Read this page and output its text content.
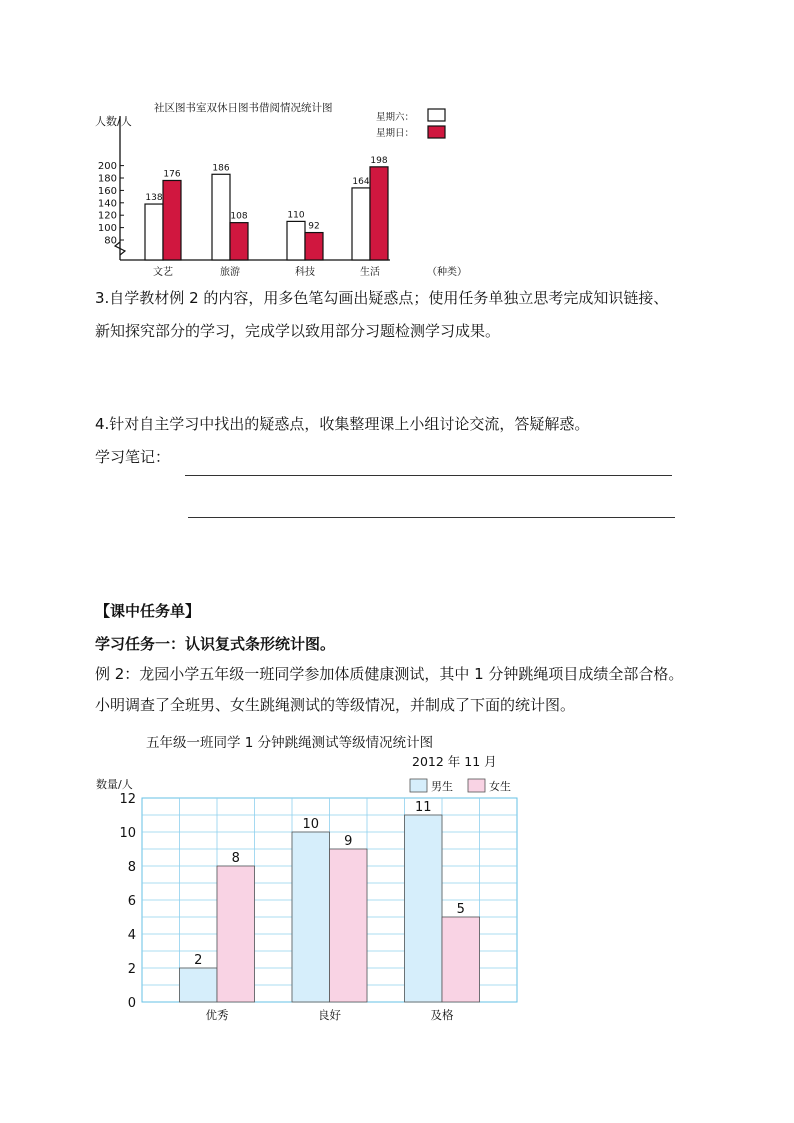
社区图书室双休日图书借阅情况统计图
人数/人	星期六：
星期日：
（种类）
200
180
160
140
120
100
80
138
186
110
164
176
108
92
198
文艺	旅游	科技	生活
3.自学教材例 2 的内容，用多色笔勾画出疑惑点；使用任务单独立思考完成知识链接、
新知探究部分的学习，完成学以致用部分习题检测学习成果。
4.针对自主学习中找出的疑惑点，收集整理课上小组讨论交流，答疑解惑。
学习笔记：
【课中任务单】
学习任务一：认识复式条形统计图。
例 2：龙园小学五年级一班同学参加体质健康测试，其中 1 分钟跳绳项目成绩全部合格。
小明调查了全班男、女生跳绳测试的等级情况，并制成了下面的统计图。
五年级一班同学 1 分钟跳绳测试等级情况统计图
2012 年 11 月
数量/人	男生	女生
2
10
11
8
9
5
0
2
4
6
8
10
12
优秀	良好	及格
